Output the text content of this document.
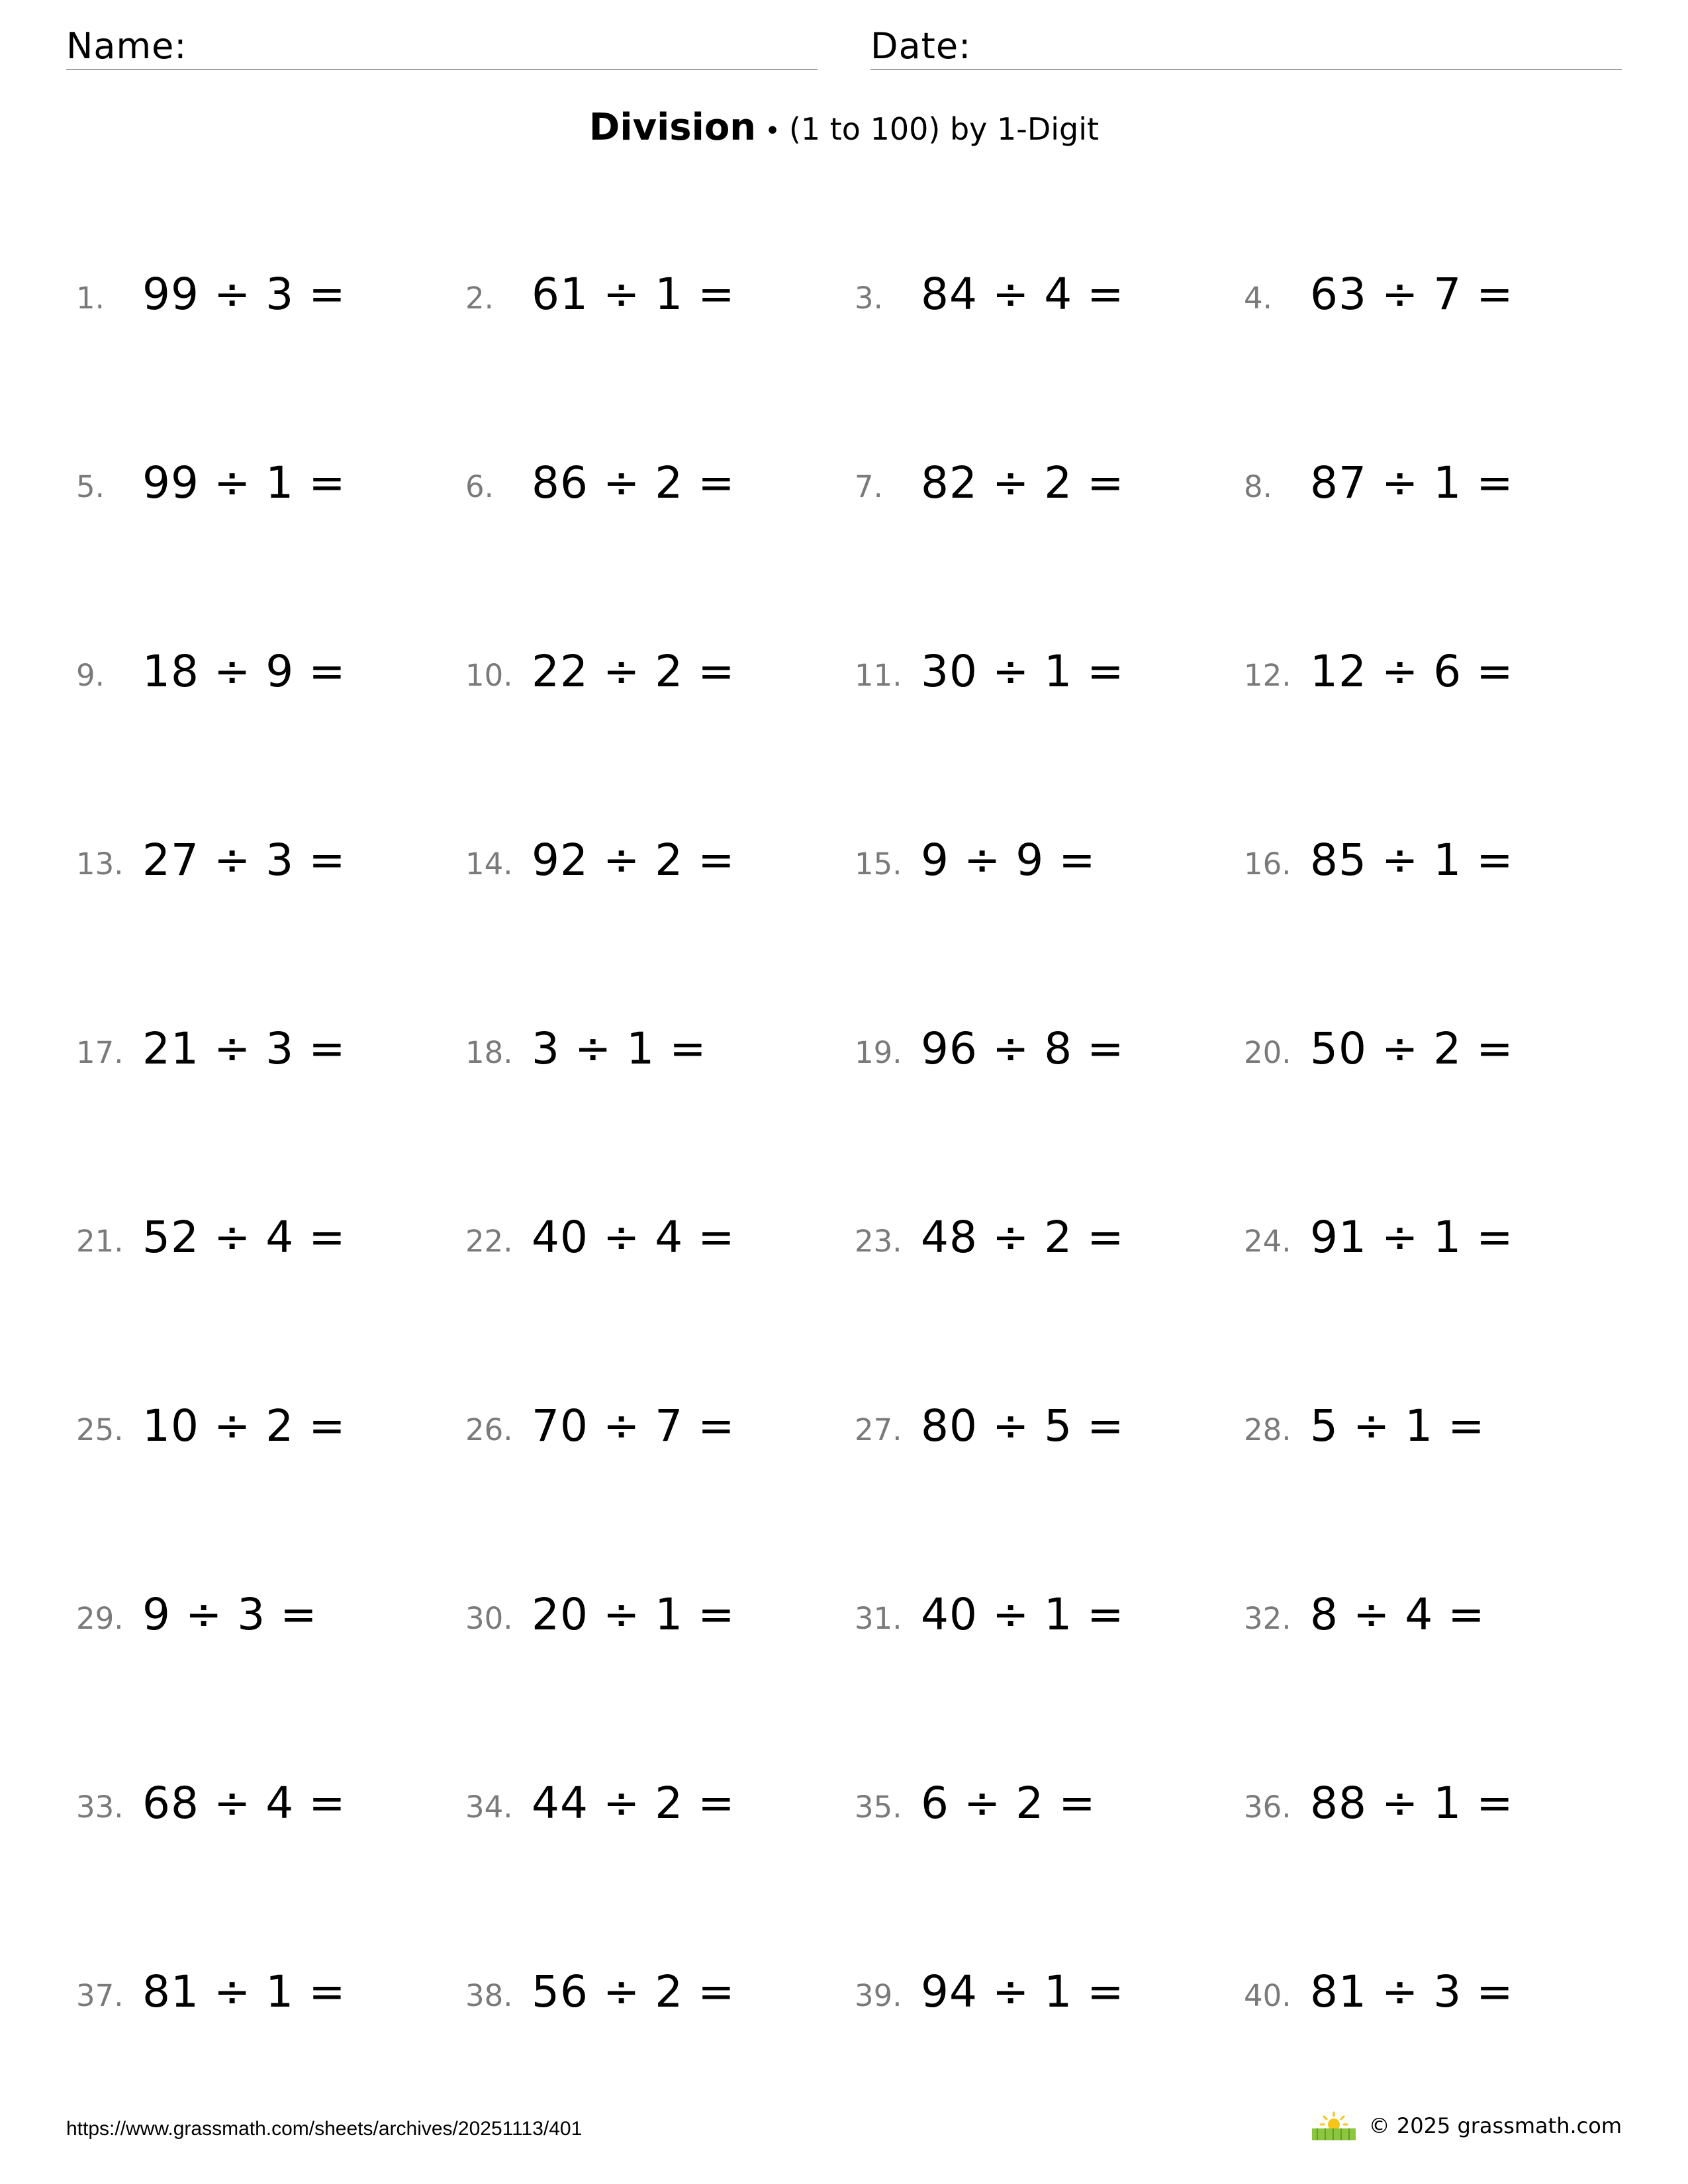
Name:	Date:
Division • (1 to 100) by 1-Digit
1. 99 ÷ 3 =	2. 61 ÷ 1 =	3. 84 ÷ 4 =	4. 63 ÷ 7 =
5. 99 ÷ 1 =	6. 86 ÷ 2 =	7. 82 ÷ 2 =	8. 87 ÷ 1 =
9. 18 ÷ 9 =	10. 22 ÷ 2 =	11. 30 ÷ 1 =	12. 12 ÷ 6 =
13. 27 ÷ 3 =	14. 92 ÷ 2 =	15. 9 ÷ 9 =	16. 85 ÷ 1 =
17. 21 ÷ 3 =	18. 3 ÷ 1 =	19. 96 ÷ 8 =	20. 50 ÷ 2 =
21. 52 ÷ 4 =	22. 40 ÷ 4 =	23. 48 ÷ 2 =	24. 91 ÷ 1 =
25. 10 ÷ 2 =	26. 70 ÷ 7 =	27. 80 ÷ 5 =	28. 5 ÷ 1 =
29. 9 ÷ 3 =	30. 20 ÷ 1 =	31. 40 ÷ 1 =	32. 8 ÷ 4 =
33. 68 ÷ 4 =	34. 44 ÷ 2 =	35. 6 ÷ 2 =	36. 88 ÷ 1 =
37. 81 ÷ 1 =	38. 56 ÷ 2 =	39. 94 ÷ 1 =	40. 81 ÷ 3 =
https://www.grassmath.com/sheets/archives/20251113/401	© 2025 grassmath.com
